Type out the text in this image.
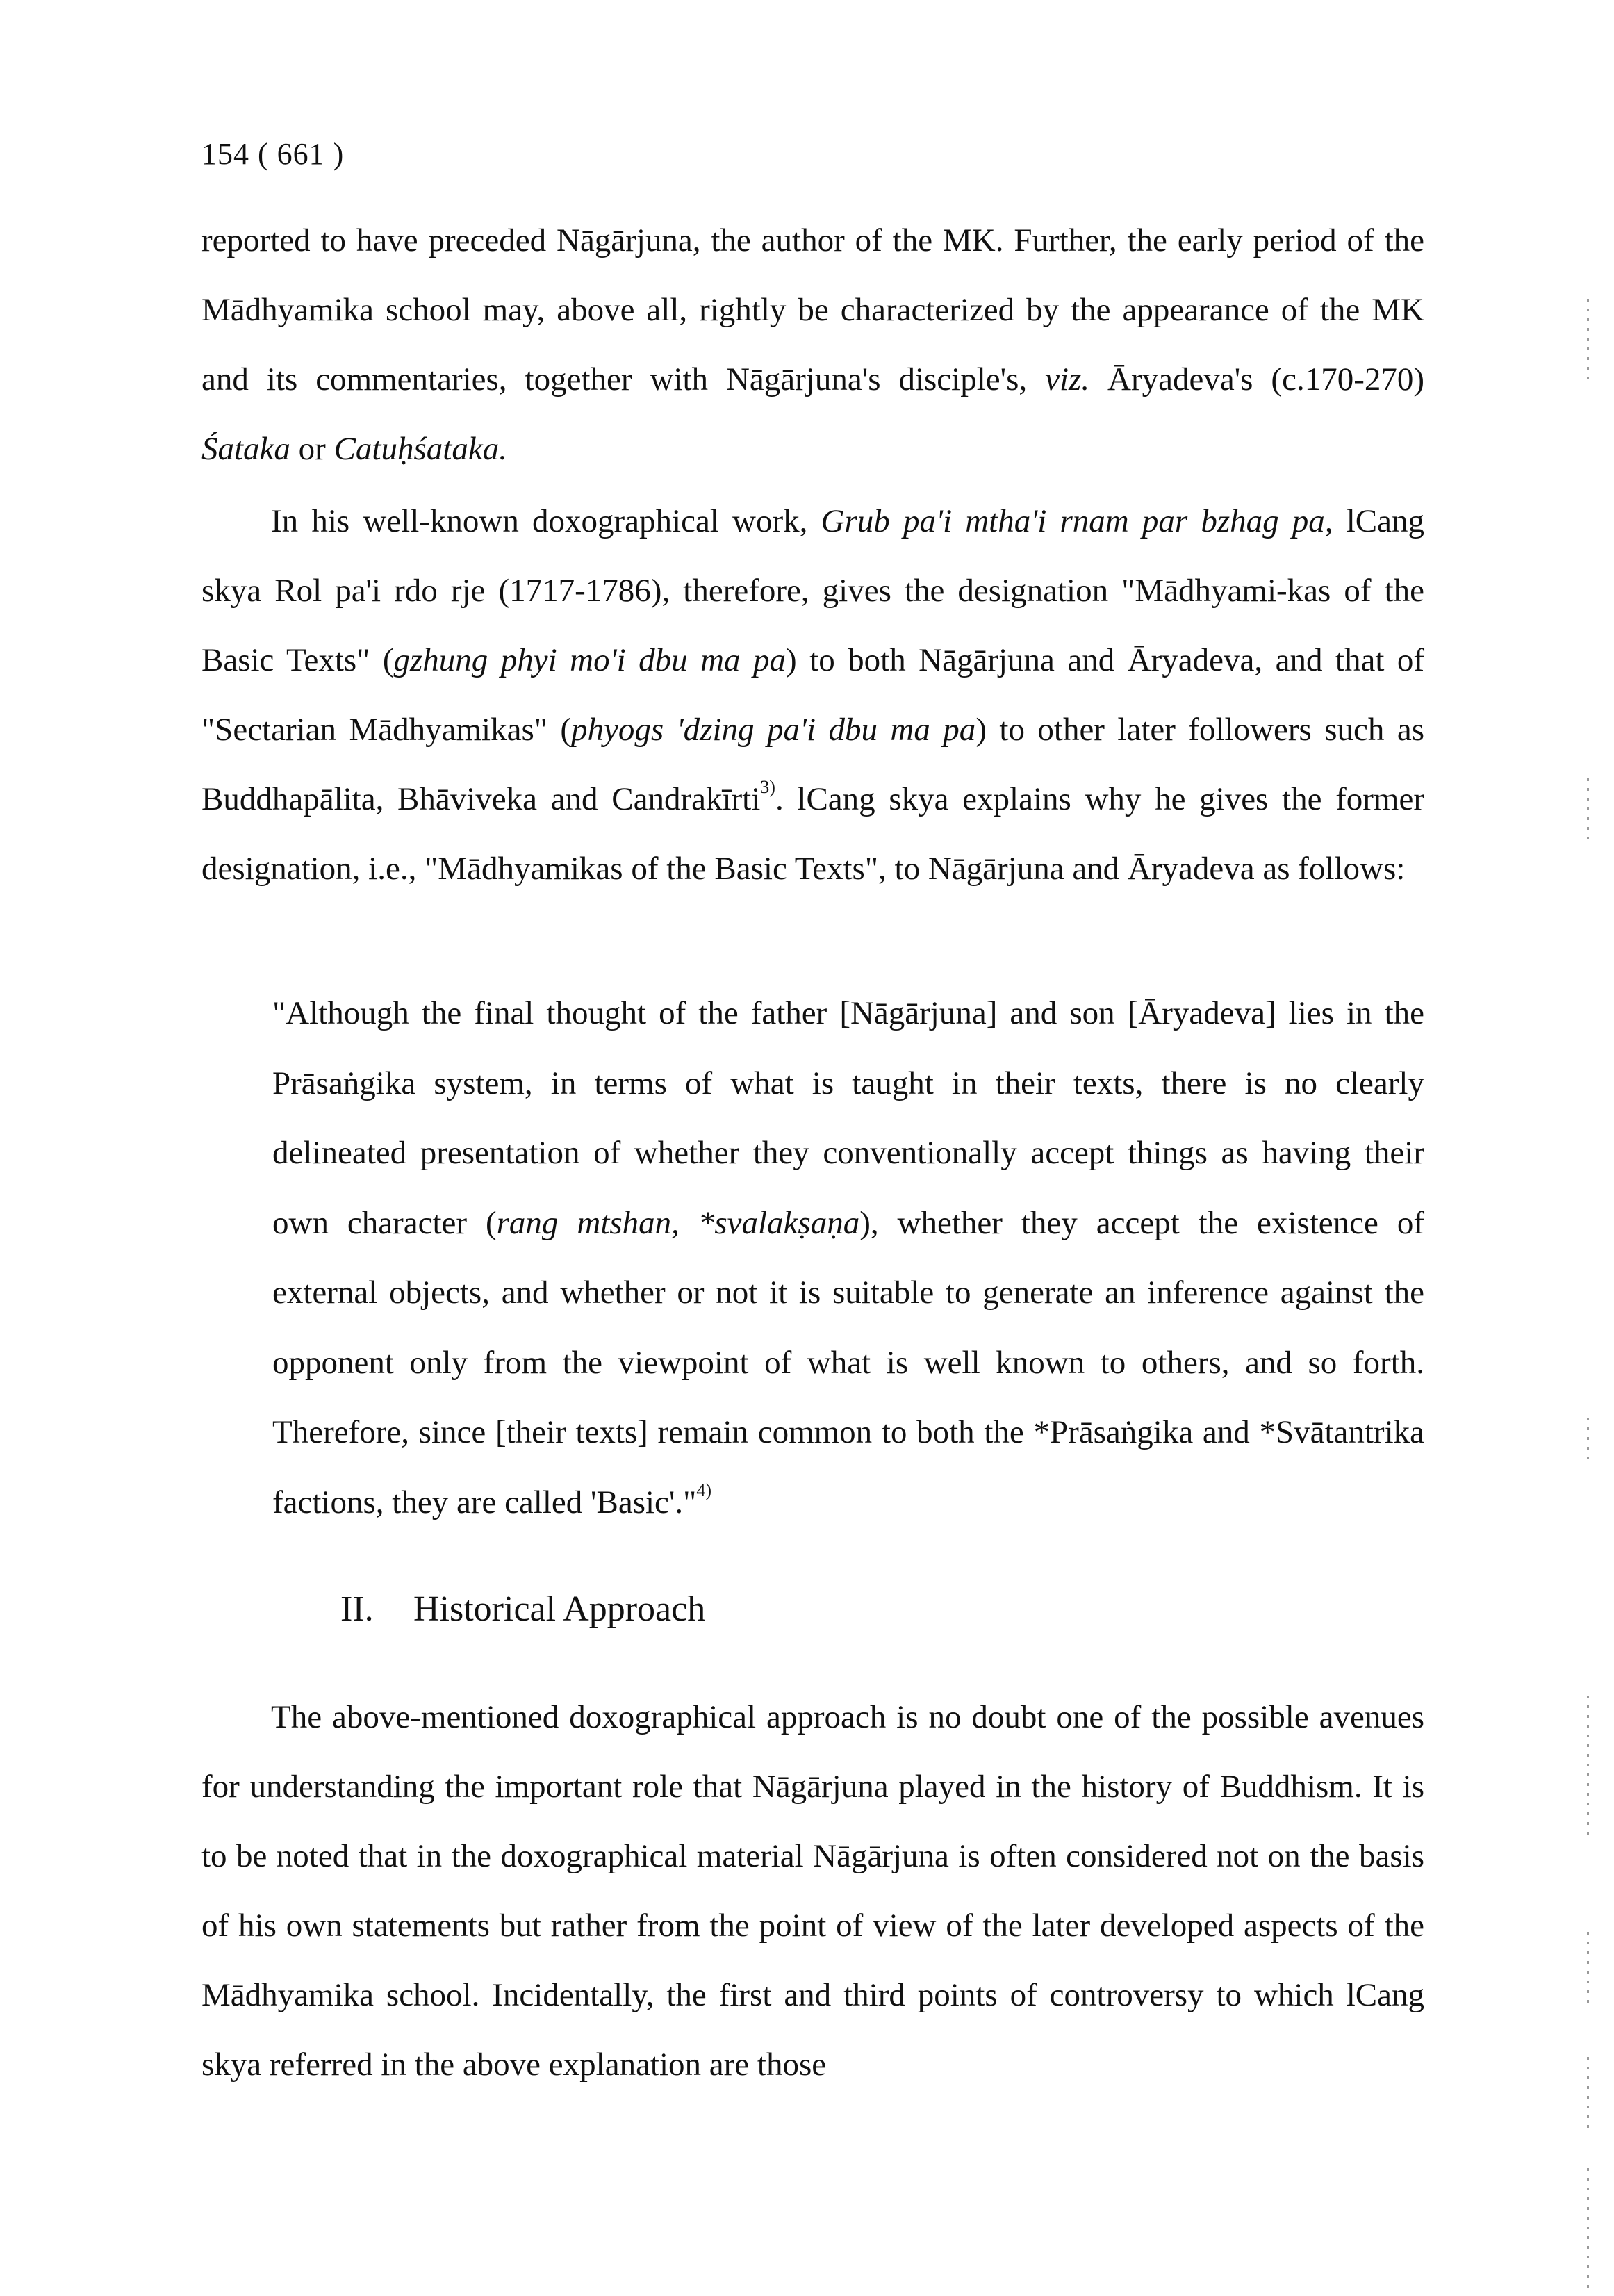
154 ( 661 )
reported to have preceded Nāgārjuna, the author of the MK. Further, the early period of the Mādhyamika school may, above all, rightly be characterized by the appearance of the MK and its commentaries, together with Nāgārjuna's disciple's, viz. Āryadeva's (c.170-270) Śataka or Catuḥśataka.
In his well-known doxographical work, Grub pa'i mtha'i rnam par bzhag pa, lCang skya Rol pa'i rdo rje (1717-1786), therefore, gives the designation "Mādhyami-kas of the Basic Texts" (gzhung phyi mo'i dbu ma pa) to both Nāgārjuna and Āryadeva, and that of "Sectarian Mādhyamikas" (phyogs 'dzing pa'i dbu ma pa) to other later followers such as Buddhapālita, Bhāviveka and Candrakīrti$^{3)}$. lCang skya explains why he gives the former designation, i.e., "Mādhyamikas of the Basic Texts", to Nāgārjuna and Āryadeva as follows:
"Although the final thought of the father [Nāgārjuna] and son [Āryadeva] lies in the Prāsaṅgika system, in terms of what is taught in their texts, there is no clearly delineated presentation of whether they conventionally accept things as having their own character (rang mtshan, *svalakṣaṇa), whether they accept the existence of external objects, and whether or not it is suitable to generate an inference against the opponent only from the viewpoint of what is well known to others, and so forth. Therefore, since [their texts] remain common to both the *Prāsaṅgika and *Svātantrika factions, they are called 'Basic'."$^{4)}$
II. Historical Approach
The above-mentioned doxographical approach is no doubt one of the possible avenues for understanding the important role that Nāgārjuna played in the history of Buddhism. It is to be noted that in the doxographical material Nāgārjuna is often considered not on the basis of his own statements but rather from the point of view of the later developed aspects of the Mādhyamika school. Incidentally, the first and third points of controversy to which lCang skya referred in the above explanation are those
